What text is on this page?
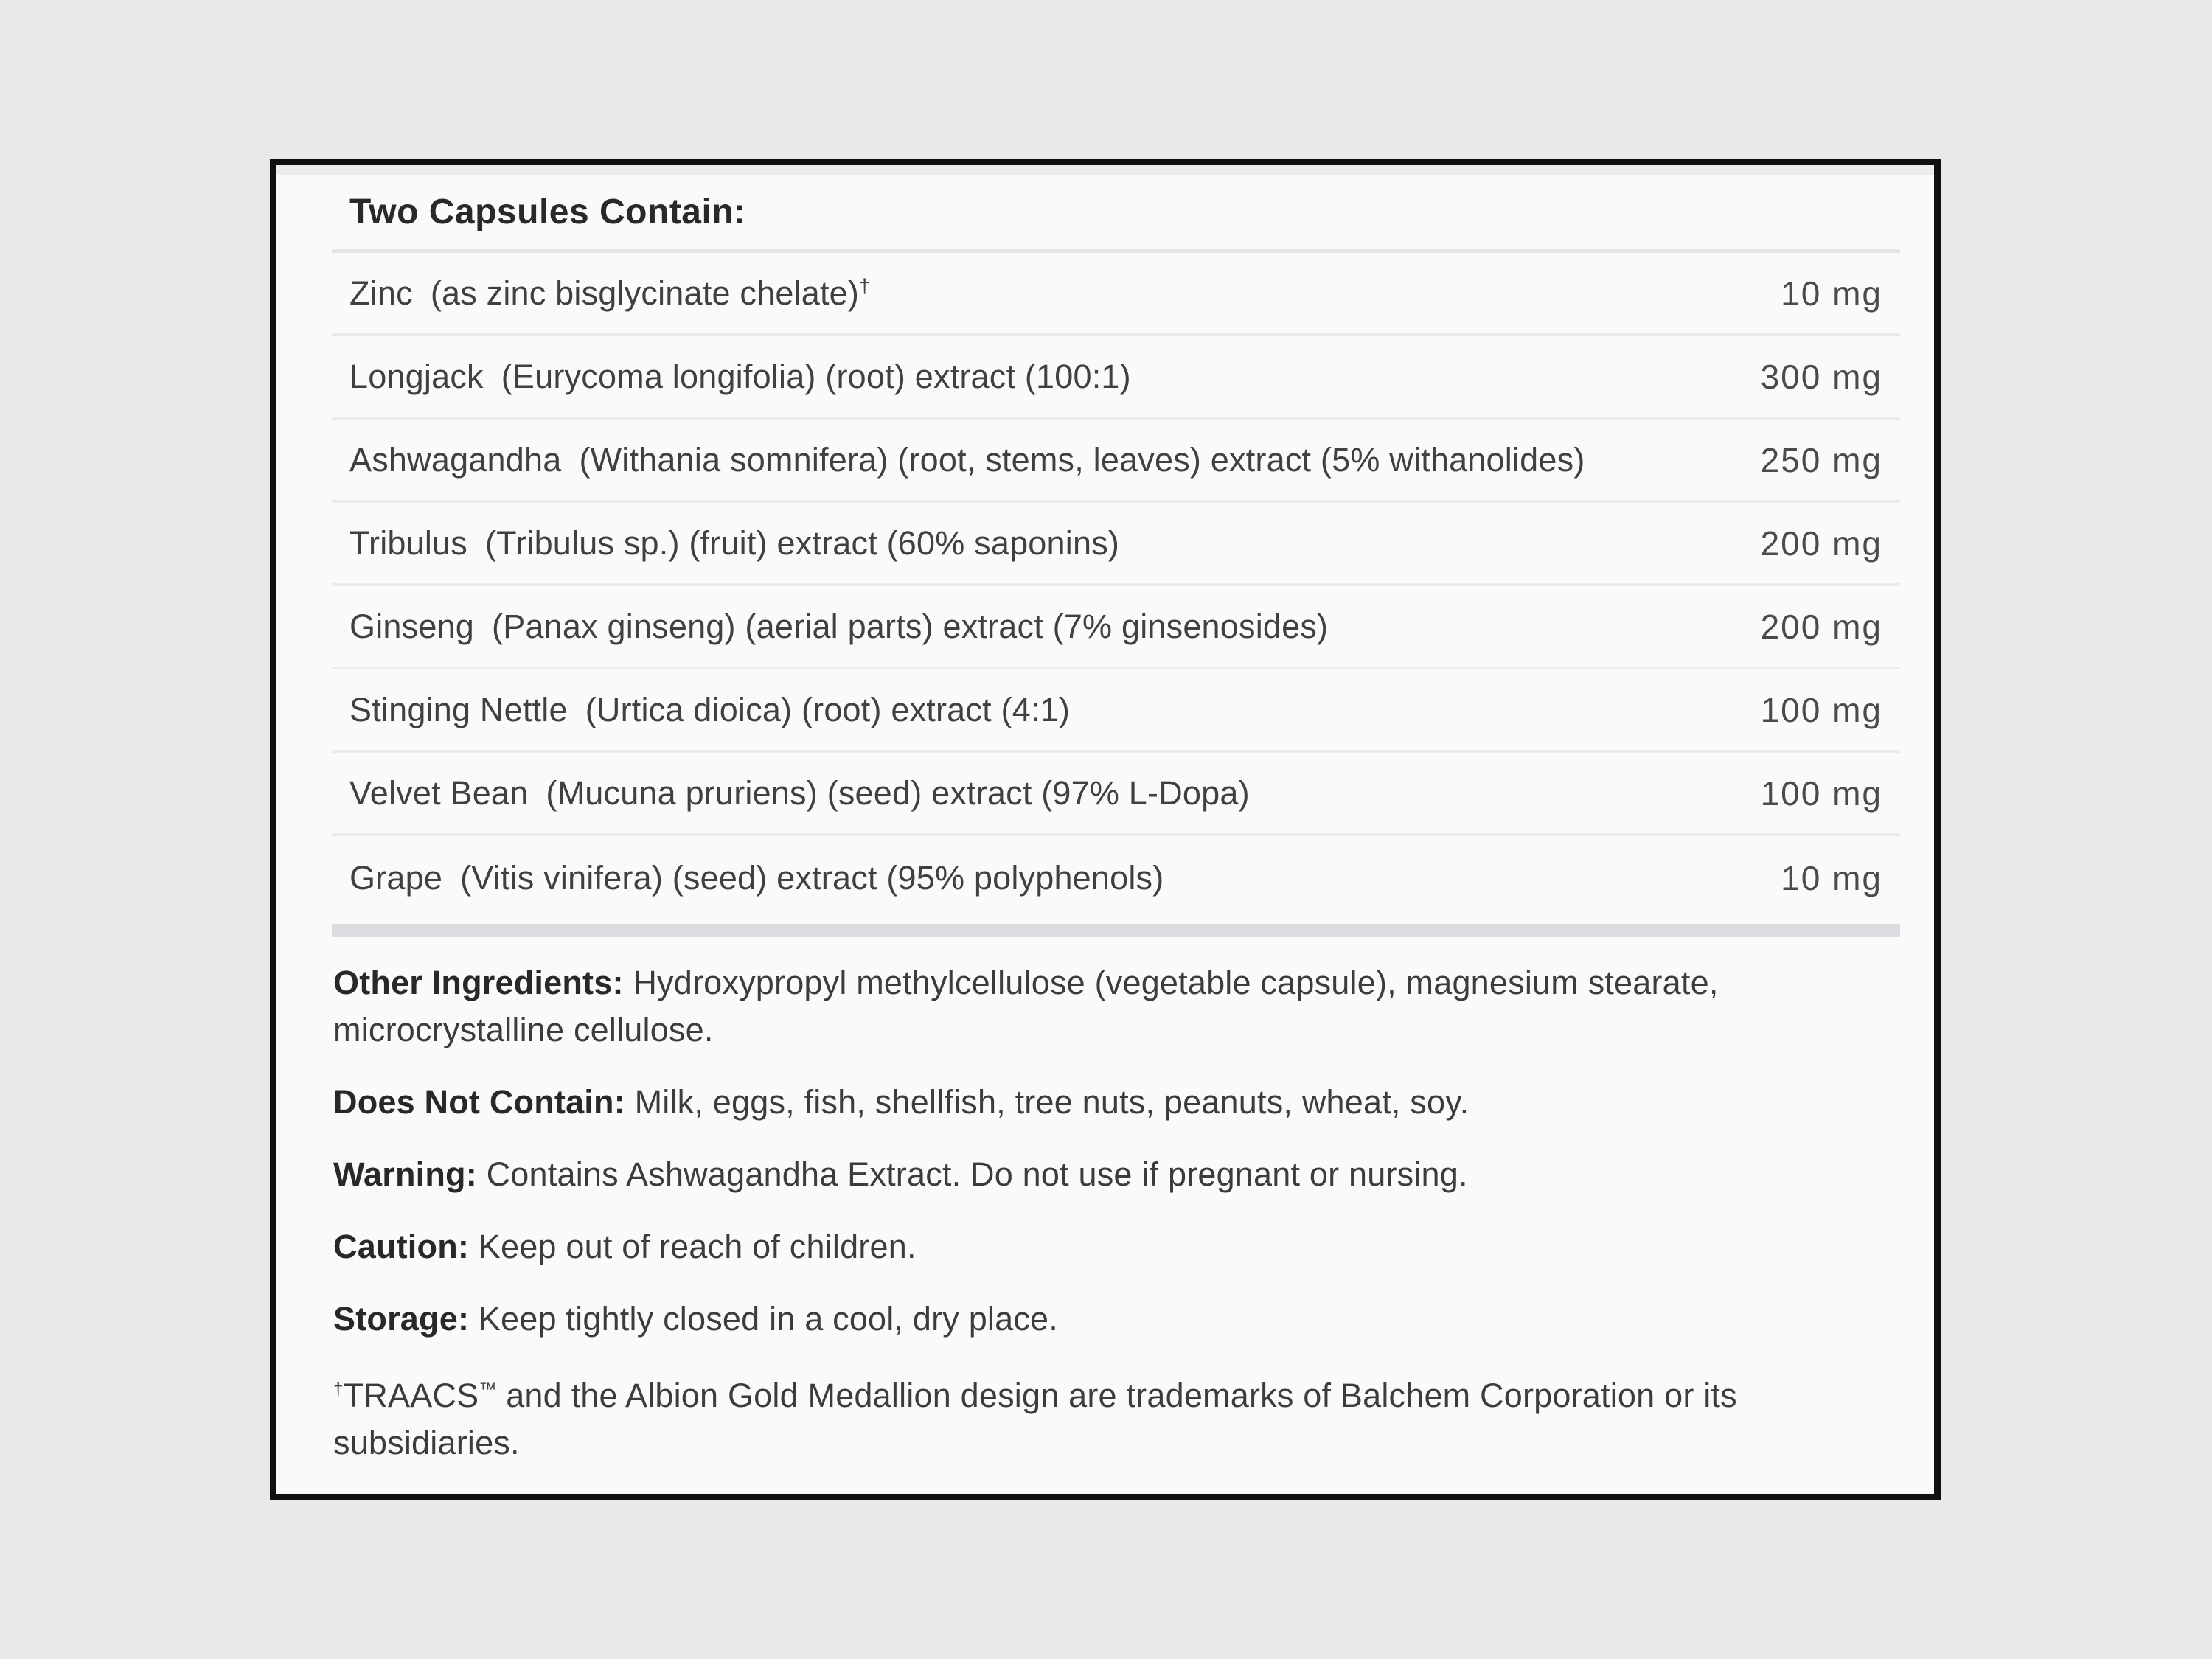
Two Capsules Contain:
Zinc (as zinc bisglycinate chelate)†	10 mg
Longjack (Eurycoma longifolia) (root) extract (100:1)	300 mg
Ashwagandha (Withania somnifera) (root, stems, leaves) extract (5% withanolides)	250 mg
Tribulus (Tribulus sp.) (fruit) extract (60% saponins)	200 mg
Ginseng (Panax ginseng) (aerial parts) extract (7% ginsenosides)	200 mg
Stinging Nettle (Urtica dioica) (root) extract (4:1)	100 mg
Velvet Bean (Mucuna pruriens) (seed) extract (97% L-Dopa)	100 mg
Grape (Vitis vinifera) (seed) extract (95% polyphenols)	10 mg

Other Ingredients: Hydroxypropyl methylcellulose (vegetable capsule), magnesium stearate, microcrystalline cellulose.

Does Not Contain: Milk, eggs, fish, shellfish, tree nuts, peanuts, wheat, soy.

Warning: Contains Ashwagandha Extract. Do not use if pregnant or nursing.

Caution: Keep out of reach of children.

Storage: Keep tightly closed in a cool, dry place.

†TRAACS™ and the Albion Gold Medallion design are trademarks of Balchem Corporation or its subsidiaries.
